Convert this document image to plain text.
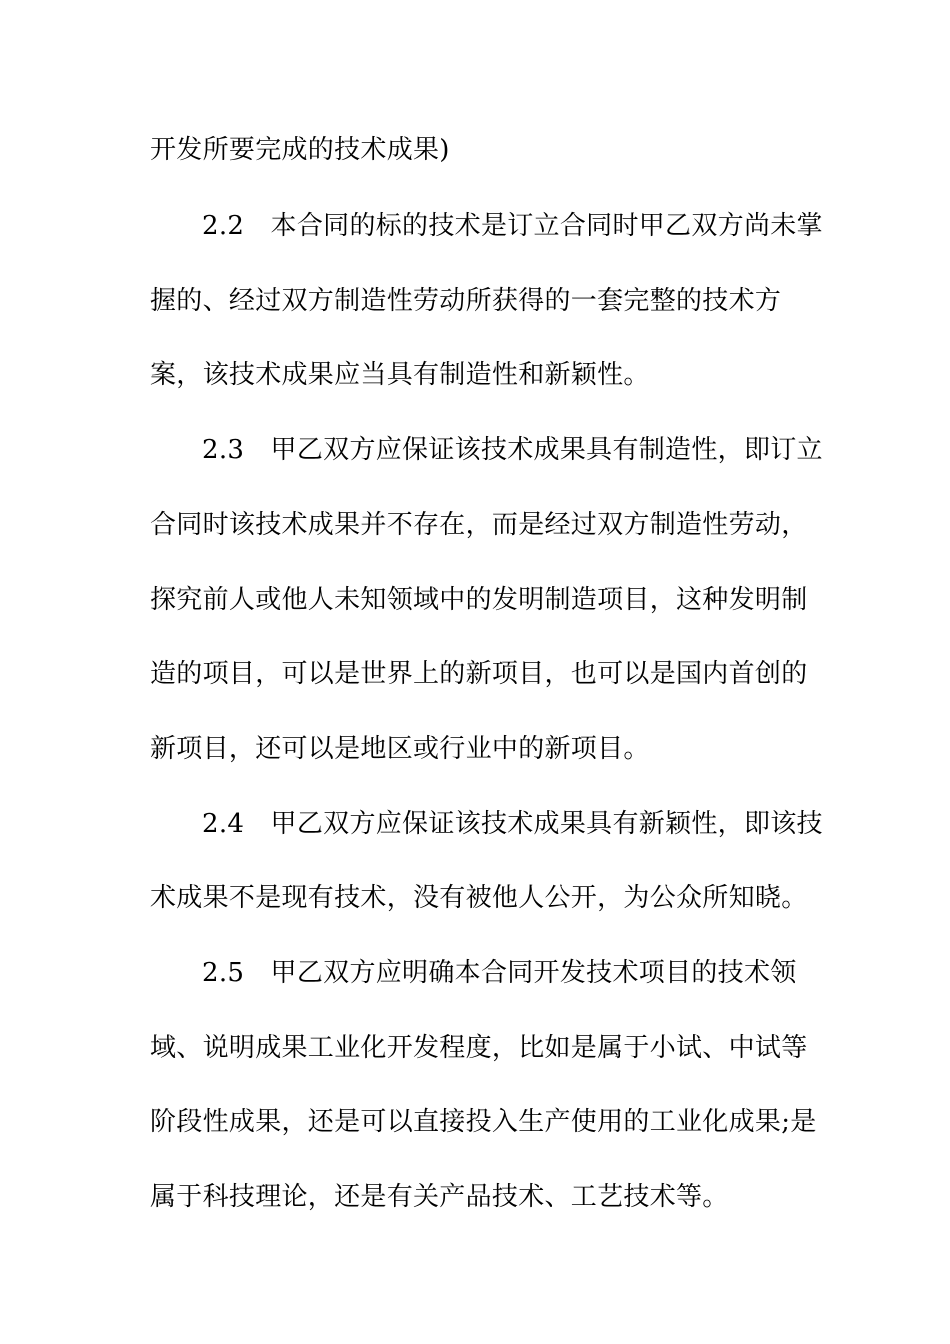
开发所要完成的技术成果)
2.2　本合同的标的技术是订立合同时甲乙双方尚未掌
握的、经过双方制造性劳动所获得的一套完整的技术方
案，该技术成果应当具有制造性和新颖性。
2.3　甲乙双方应保证该技术成果具有制造性，即订立
合同时该技术成果并不存在，而是经过双方制造性劳动，
探究前人或他人未知领域中的发明制造项目，这种发明制
造的项目，可以是世界上的新项目，也可以是国内首创的
新项目，还可以是地区或行业中的新项目。
2.4　甲乙双方应保证该技术成果具有新颖性，即该技
术成果不是现有技术，没有被他人公开，为公众所知晓。
2.5　甲乙双方应明确本合同开发技术项目的技术领
域、说明成果工业化开发程度，比如是属于小试、中试等
阶段性成果，还是可以直接投入生产使用的工业化成果;是
属于科技理论，还是有关产品技术、工艺技术等。
